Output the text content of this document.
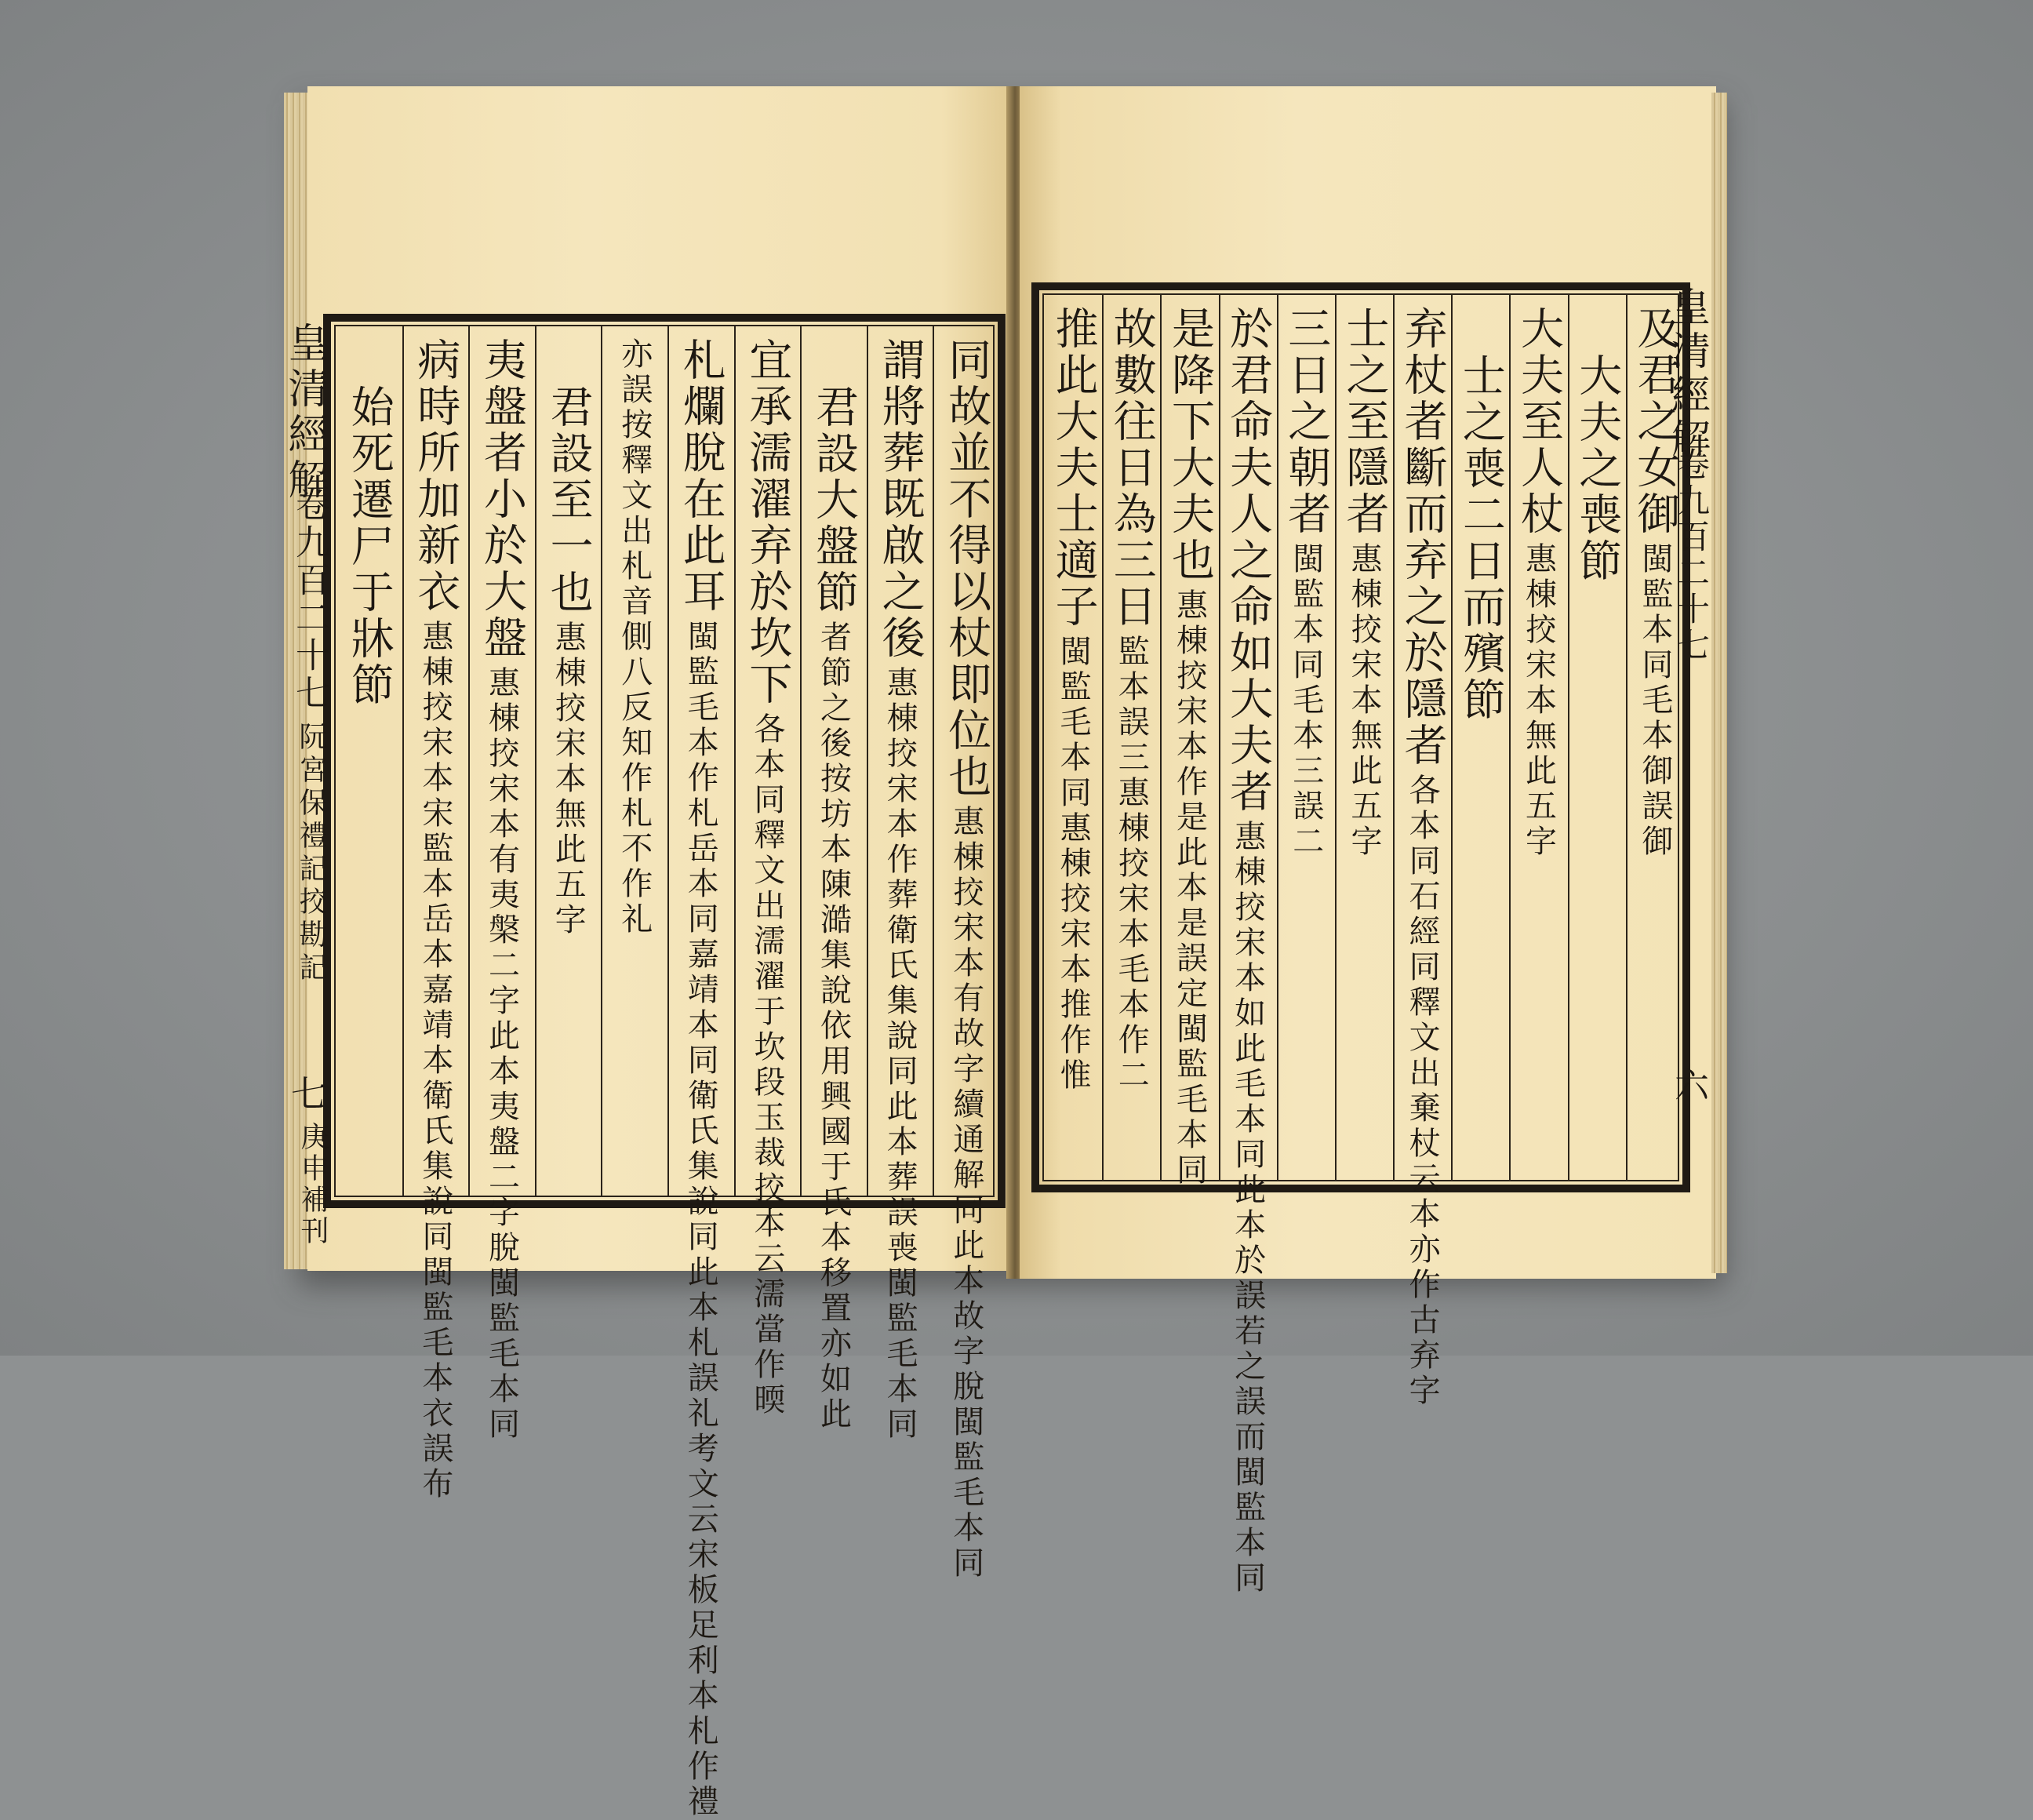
同故並不得以杖即位也
惠棟挍宋本有故字續通解同此本故字脫閩監毛本同
謂將葬既啟之後
惠棟挍宋本作葬衛氏集說同此本葬誤喪閩監毛本同
君設大盤節
者節之後按坊本陳澔集說依用興國于氏本移置亦如此
宜承濡濯弃於坎下
各本同釋文出濡濯于坎段玉裁挍本云濡當作㬉
札爛脫在此耳
閩監毛本作札岳本同嘉靖本同衛氏集說同此本札誤礼考文云宋板足利本札作禮
亦誤按釋文出札音側八反知作札不作礼
君設至一也
惠棟挍宋本無此五字
夷盤者小於大盤
惠棟挍宋本有夷槃二字此本夷盤二字脫閩監毛本同
病時所加新衣
惠棟挍宋本宋監本岳本嘉靖本衛氏集說同閩監毛本衣誤布
始死遷尸于牀節
皇清經解
卷九百二十七
阮宮保禮記挍勘記
七
庚申補刊
及君之女御
閩監本同毛本御誤御
大夫之喪節
大夫至人杖
惠棟挍宋本無此五字
士之喪二日而殯節
弃杖者斷而弃之於隱者
各本同石經同釋文出棄杖云本亦作古弃字
士之至隱者
惠棟挍宋本無此五字
三日之朝者
閩監本同毛本三誤二
於君命夫人之命如大夫者
惠棟挍宋本如此毛本同此本於誤若之誤而閩監本同
是降下大夫也
惠棟挍宋本作是此本是誤定閩監毛本同
故數往日為三日
監本誤三惠棟挍宋本毛本作二
推此大夫士適子
閩監毛本同惠棟挍宋本推作惟
皇清經解
卷九百二十七
六
